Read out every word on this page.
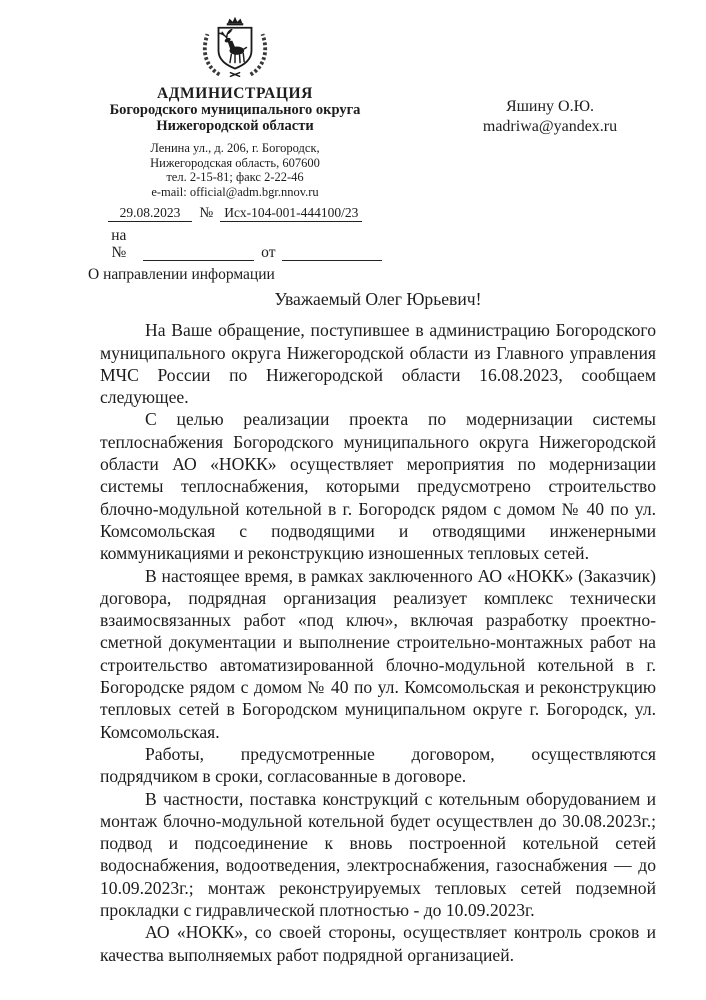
АДМИНИСТРАЦИЯ
Богородского муниципального округа
Нижегородской области
Ленина ул., д. 206, г. Богородск,
Нижегородская область, 607600
тел. 2-15-81; факс 2-22-46
e-mail: official@adm.bgr.nnov.ru
29.08.2023	№ Исх-104-001-444100/23
на №	от
О направлении информации
Яшину О.Ю.
madriwa@yandex.ru
Уважаемый Олег Юрьевич!

На Ваше обращение, поступившее в администрацию Богородского муниципального округа Нижегородской области из Главного управления МЧС России по Нижегородской области 16.08.2023, сообщаем следующее.

С целью реализации проекта по модернизации системы теплоснабжения Богородского муниципального округа Нижегородской области АО «НОКК» осуществляет мероприятия по модернизации системы теплоснабжения, которыми предусмотрено строительство блочно-модульной котельной в г. Богородск рядом с домом № 40 по ул. Комсомольская с подводящими и отводящими инженерными коммуникациями и реконструкцию изношенных тепловых сетей.

В настоящее время, в рамках заключенного АО «НОКК» (Заказчик) договора, подрядная организация реализует комплекс технически взаимосвязанных работ «под ключ», включая разработку проектно-сметной документации и выполнение строительно-монтажных работ на строительство автоматизированной блочно-модульной котельной в г. Богородске рядом с домом № 40 по ул. Комсомольская и реконструкцию тепловых сетей в Богородском муниципальном округе г. Богородск, ул. Комсомольская.

Работы, предусмотренные договором, осуществляются подрядчиком в сроки, согласованные в договоре.

В частности, поставка конструкций с котельным оборудованием и монтаж блочно-модульной котельной будет осуществлен до 30.08.2023г.; подвод и подсоединение к вновь построенной котельной сетей водоснабжения, водоотведения, электроснабжения, газоснабжения — до 10.09.2023г.; монтаж реконструируемых тепловых сетей подземной прокладки с гидравлической плотностью - до 10.09.2023г.

АО «НОКК», со своей стороны, осуществляет контроль сроков и качества выполняемых работ подрядной организацией.
